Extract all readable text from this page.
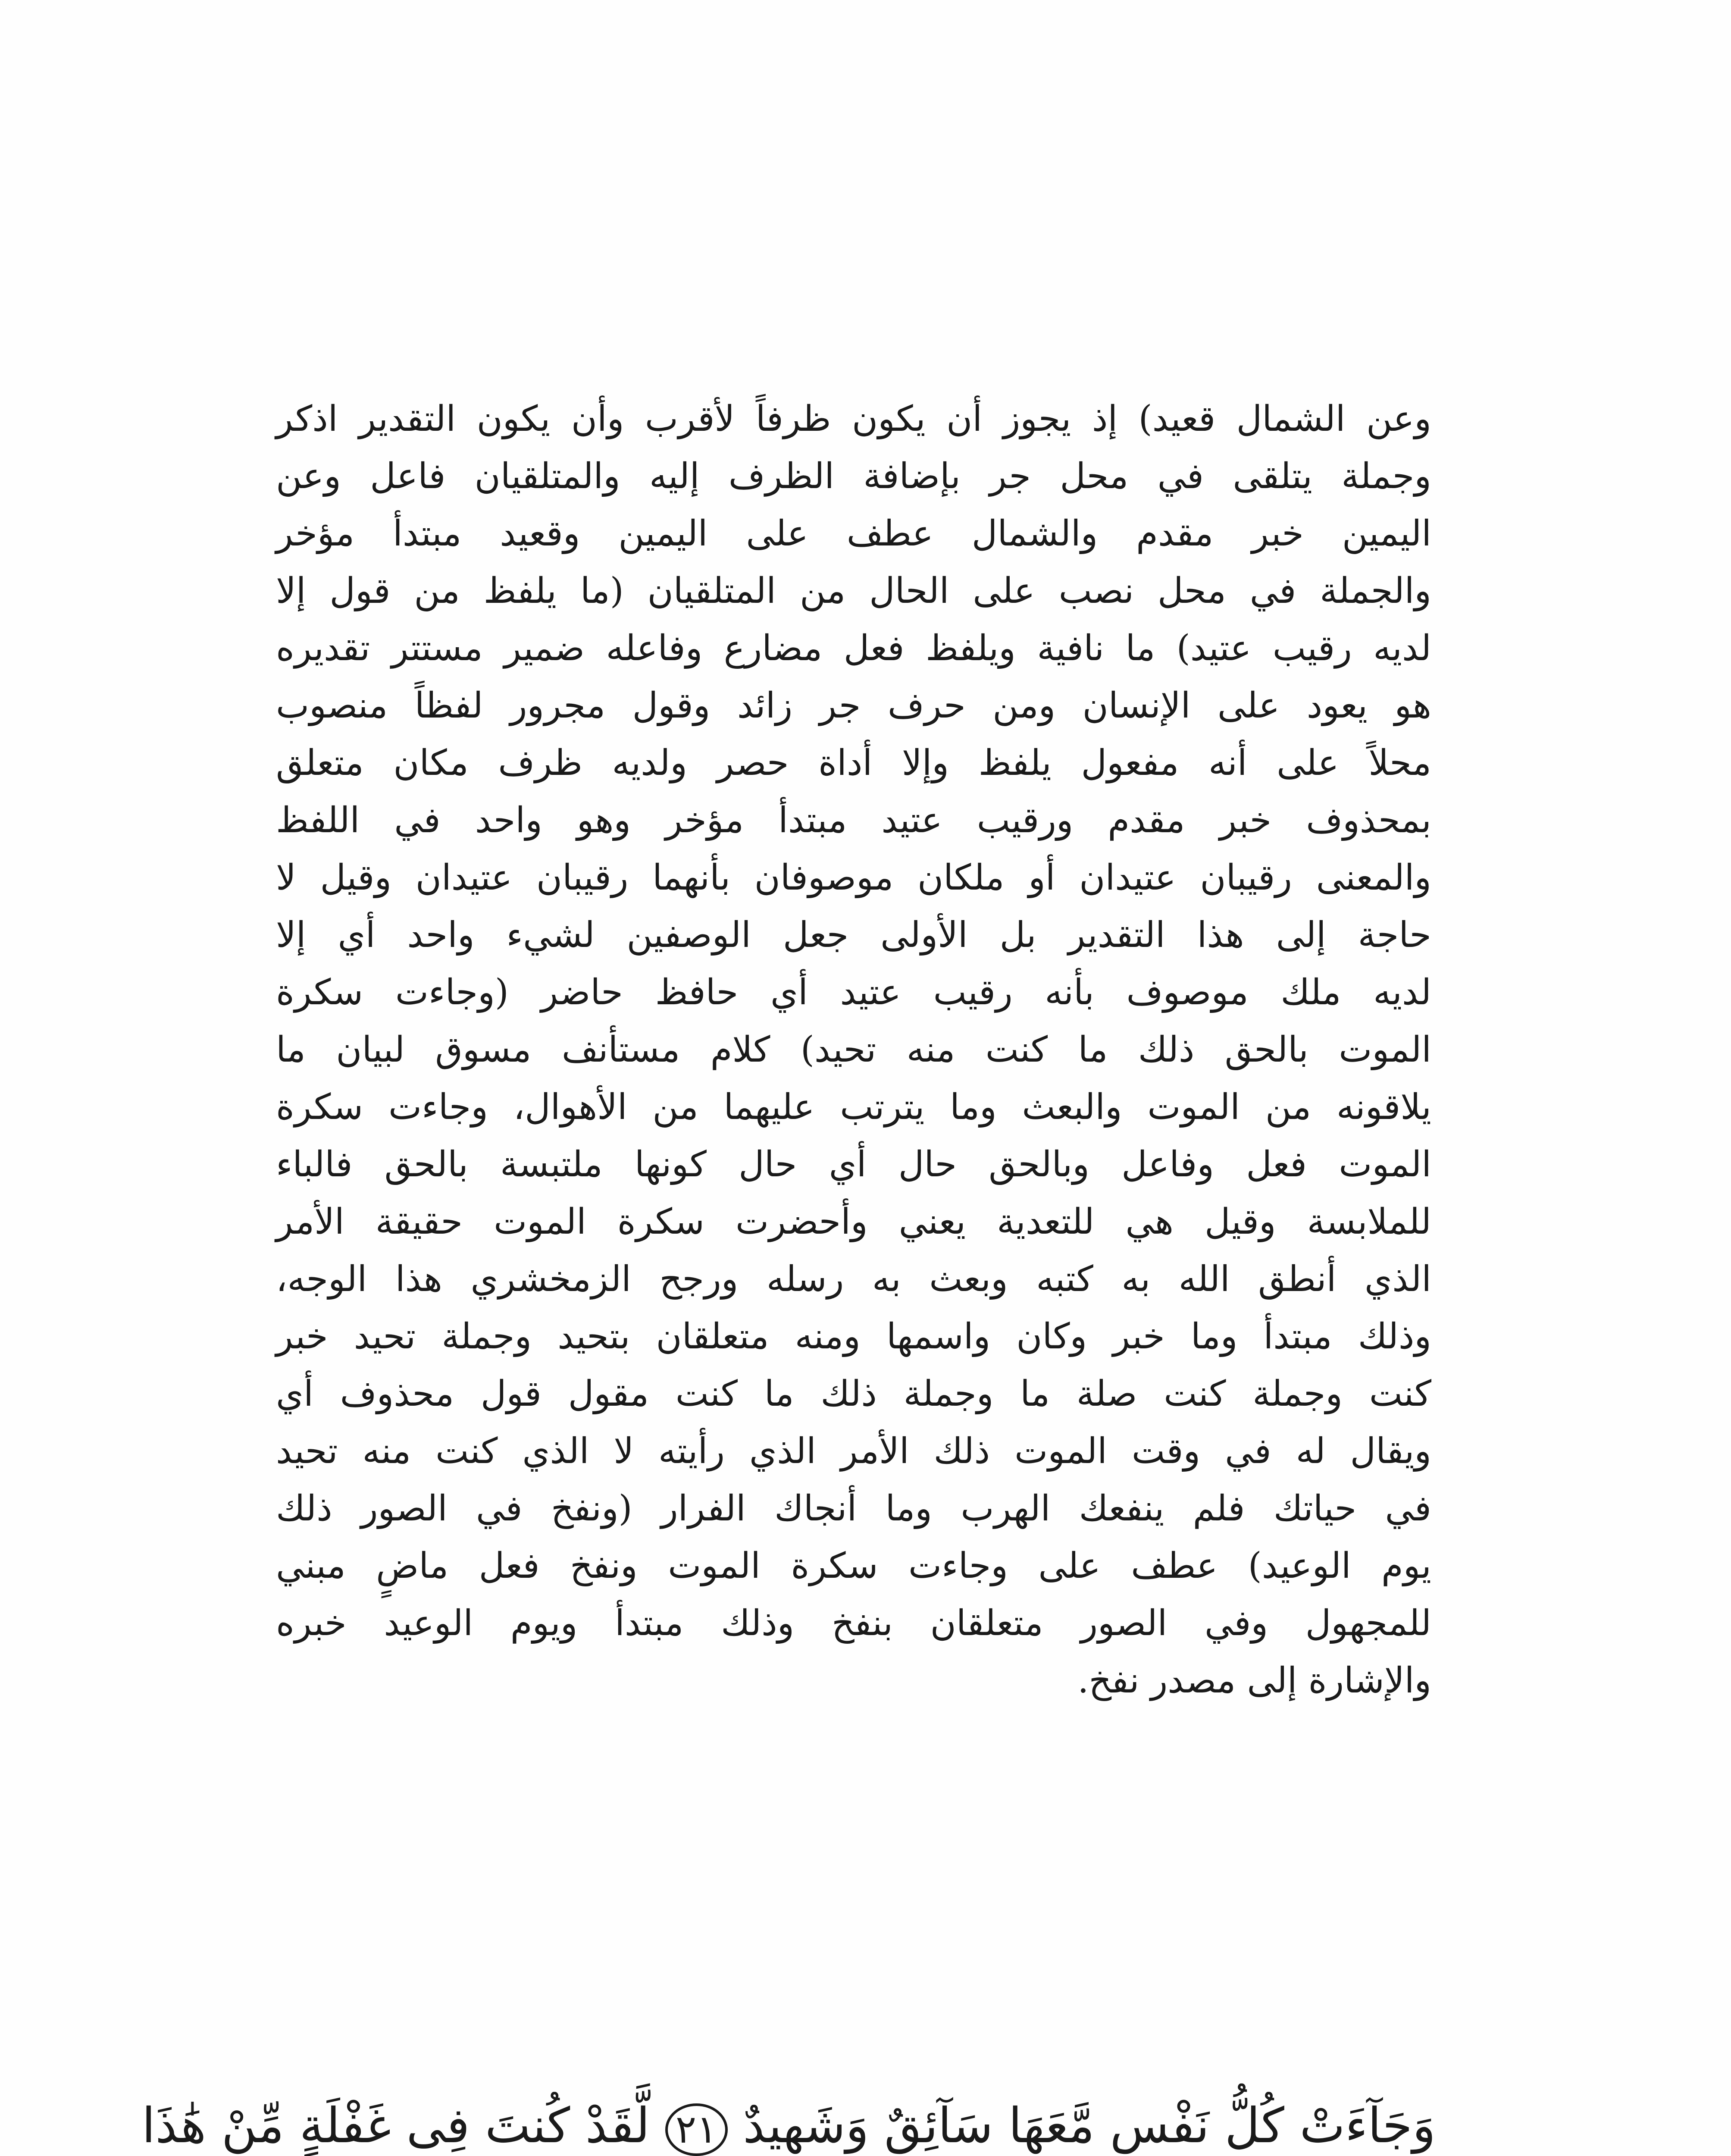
وعن الشمال قعيد) إذ يجوز أن يكون ظرفاً لأقرب وأن يكون التقدير اذكر
وجملة يتلقى في محل جر بإضافة الظرف إليه والمتلقيان فاعل وعن
اليمين خبر مقدم والشمال عطف على اليمين وقعيد مبتدأ مؤخر
والجملة في محل نصب على الحال من المتلقيان (ما يلفظ من قول إلا
لديه رقيب عتيد) ما نافية ويلفظ فعل مضارع وفاعله ضمير مستتر تقديره
هو يعود على الإنسان ومن حرف جر زائد وقول مجرور لفظاً منصوب
محلاً على أنه مفعول يلفظ وإلا أداة حصر ولديه ظرف مكان متعلق
بمحذوف خبر مقدم ورقيب عتيد مبتدأ مؤخر وهو واحد في اللفظ
والمعنى رقيبان عتيدان أو ملكان موصوفان بأنهما رقيبان عتيدان وقيل لا
حاجة إلى هذا التقدير بل الأولى جعل الوصفين لشيء واحد أي إلا
لديه ملك موصوف بأنه رقيب عتيد أي حافظ حاضر (وجاءت سكرة
الموت بالحق ذلك ما كنت منه تحيد) كلام مستأنف مسوق لبيان ما
يلاقونه من الموت والبعث وما يترتب عليهما من الأهوال، وجاءت سكرة
الموت فعل وفاعل وبالحق حال أي حال كونها ملتبسة بالحق فالباء
للملابسة وقيل هي للتعدية يعني وأحضرت سكرة الموت حقيقة الأمر
الذي أنطق الله به كتبه وبعث به رسله ورجح الزمخشري هذا الوجه،
وذلك مبتدأ وما خبر وكان واسمها ومنه متعلقان بتحيد وجملة تحيد خبر
كنت وجملة كنت صلة ما وجملة ذلك ما كنت مقول قول محذوف أي
ويقال له في وقت الموت ذلك الأمر الذي رأيته لا الذي كنت منه تحيد
في حياتك فلم ينفعك الهرب وما أنجاك الفرار (ونفخ في الصور ذلك
يوم الوعيد) عطف على وجاءت سكرة الموت ونفخ فعل ماضٍ مبني
للمجهول وفي الصور متعلقان بنفخ وذلك مبتدأ ويوم الوعيد خبره
والإشارة إلى مصدر نفخ.
وَجَآءَتْ كُلُّ نَفْسٍ مَّعَهَا سَآئِقٌ وَشَهِيدٌ ٢١ لَّقَدْ كُنتَ فِى غَفْلَةٍ مِّنْ هَٰذَا
